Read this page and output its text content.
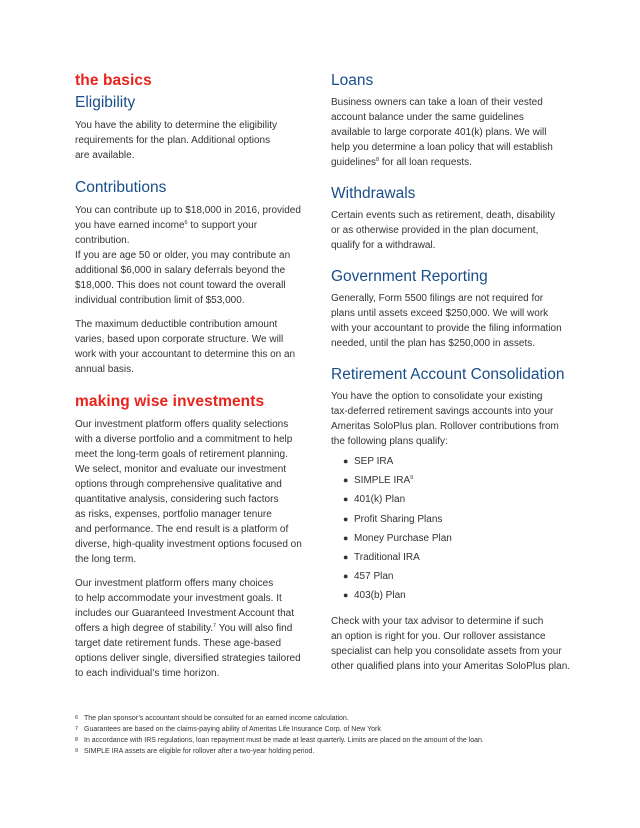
the basics
Eligibility

You have the ability to determine the eligibility
requirements for the plan. Additional options
are available.

Contributions

You can contribute up to $18,000 in 2016, provided
you have earned income$^6$ to support your contribution.
If you are age 50 or older, you may contribute an
additional $6,000 in salary deferrals beyond the
$18,000. This does not count toward the overall
individual contribution limit of $53,000.

The maximum deductible contribution amount
varies, based upon corporate structure. We will
work with your accountant to determine this on an
annual basis.

making wise investments

Our investment platform offers quality selections
with a diverse portfolio and a commitment to help
meet the long-term goals of retirement planning.
We select, monitor and evaluate our investment
options through comprehensive qualitative and
quantitative analysis, considering such factors
as risks, expenses, portfolio manager tenure
and performance. The end result is a platform of
diverse, high-quality investment options focused on
the long term.

Our investment platform offers many choices
to help accommodate your investment goals. It
includes our Guaranteed Investment Account that
offers a high degree of stability.$^7$ You will also find
target date retirement funds. These age-based
options deliver single, diversified strategies tailored
to each individual’s time horizon.

Loans

Business owners can take a loan of their vested
account balance under the same guidelines
available to large corporate 401(k) plans. We will
help you determine a loan policy that will establish
guidelines$^8$ for all loan requests.

Withdrawals

Certain events such as retirement, death, disability
or as otherwise provided in the plan document,
qualify for a withdrawal.

Government Reporting

Generally, Form 5500 filings are not required for
plans until assets exceed $250,000. We will work
with your accountant to provide the filing information
needed, until the plan has $250,000 in assets.

Retirement Account Consolidation

You have the option to consolidate your existing
tax-deferred retirement savings accounts into your
Ameritas SoloPlus plan. Rollover contributions from
the following plans qualify:

● SEP IRA
● SIMPLE IRA$^9$
● 401(k) Plan
● Profit Sharing Plans
● Money Purchase Plan
● Traditional IRA
● 457 Plan
● 403(b) Plan

Check with your tax advisor to determine if such
an option is right for you. Our rollover assistance
specialist can help you consolidate assets from your
other qualified plans into your Ameritas SoloPlus plan.

6 The plan sponsor’s accountant should be consulted for an earned income calculation.
7 Guarantees are based on the claims-paying ability of Ameritas Life Insurance Corp. of New York
8 In accordance with IRS regulations, loan repayment must be made at least quarterly. Limits are placed on the amount of the loan.
9 SIMPLE IRA assets are eligible for rollover after a two-year holding period.
